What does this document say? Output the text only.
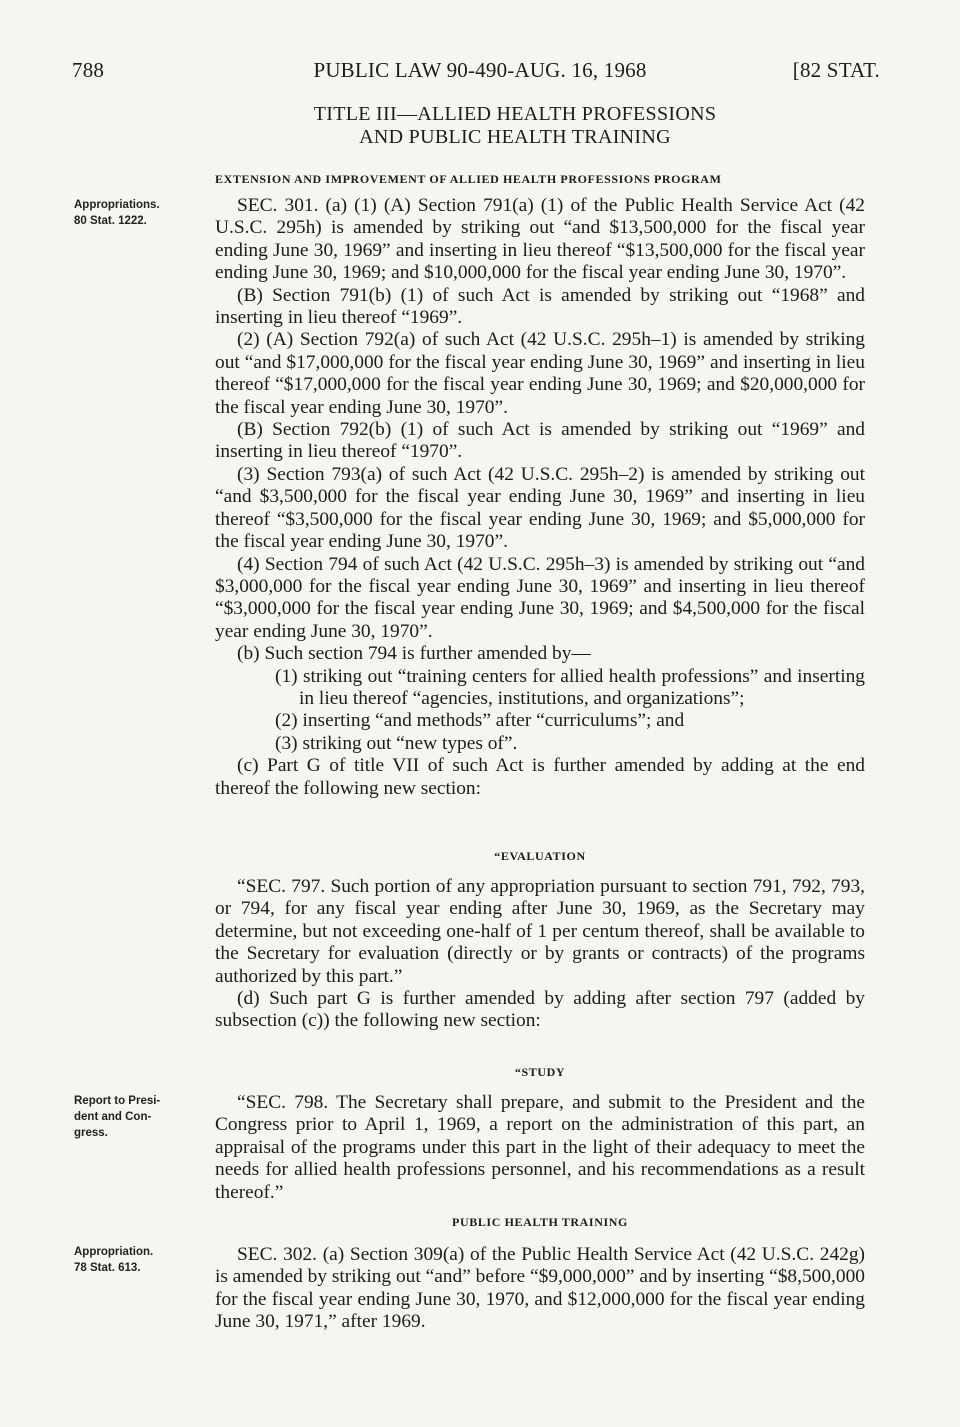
788	PUBLIC LAW 90-490-AUG. 16, 1968	[82 STAT.
TITLE III—ALLIED HEALTH PROFESSIONS
AND PUBLIC HEALTH TRAINING
EXTENSION AND IMPROVEMENT OF ALLIED HEALTH PROFESSIONS PROGRAM
Appropriations.
80 Stat. 1222.

SEC. 301. (a) (1) (A) Section 791(a) (1) of the Public Health Service Act (42 U.S.C. 295h) is amended by striking out “and $13,500,000 for the fiscal year ending June 30, 1969” and inserting in lieu thereof “$13,500,000 for the fiscal year ending June 30, 1969; and $10,000,000 for the fiscal year ending June 30, 1970”.

(B) Section 791(b) (1) of such Act is amended by striking out “1968” and inserting in lieu thereof “1969”.

(2) (A) Section 792(a) of such Act (42 U.S.C. 295h–1) is amended by striking out “and $17,000,000 for the fiscal year ending June 30, 1969” and inserting in lieu thereof “$17,000,000 for the fiscal year ending June 30, 1969; and $20,000,000 for the fiscal year ending June 30, 1970”.

(B) Section 792(b) (1) of such Act is amended by striking out “1969” and inserting in lieu thereof “1970”.

(3) Section 793(a) of such Act (42 U.S.C. 295h–2) is amended by striking out “and $3,500,000 for the fiscal year ending June 30, 1969” and inserting in lieu thereof “$3,500,000 for the fiscal year ending June 30, 1969; and $5,000,000 for the fiscal year ending June 30, 1970”.

(4) Section 794 of such Act (42 U.S.C. 295h–3) is amended by striking out “and $3,000,000 for the fiscal year ending June 30, 1969” and inserting in lieu thereof “$3,000,000 for the fiscal year ending June 30, 1969; and $4,500,000 for the fiscal year ending June 30, 1970”.

(b) Such section 794 is further amended by—

(1) striking out “training centers for allied health professions” and inserting in lieu thereof “agencies, institutions, and organizations”;

(2) inserting “and methods” after “curriculums”; and

(3) striking out “new types of”.

(c) Part G of title VII of such Act is further amended by adding at the end thereof the following new section:

“EVALUATION

“SEC. 797. Such portion of any appropriation pursuant to section 791, 792, 793, or 794, for any fiscal year ending after June 30, 1969, as the Secretary may determine, but not exceeding one-half of 1 per centum thereof, shall be available to the Secretary for evaluation (directly or by grants or contracts) of the programs authorized by this part.”

(d) Such part G is further amended by adding after section 797 (added by subsection (c)) the following new section:

“STUDY
Report to Presi-
dent and Con-
gress.

“SEC. 798. The Secretary shall prepare, and submit to the President and the Congress prior to April 1, 1969, a report on the administration of this part, an appraisal of the programs under this part in the light of their adequacy to meet the needs for allied health professions personnel, and his recommendations as a result thereof.”

PUBLIC HEALTH TRAINING
Appropriation.
78 Stat. 613.

SEC. 302. (a) Section 309(a) of the Public Health Service Act (42 U.S.C. 242g) is amended by striking out “and” before “$9,000,000” and by inserting “$8,500,000 for the fiscal year ending June 30, 1970, and $12,000,000 for the fiscal year ending June 30, 1971,” after 1969.
